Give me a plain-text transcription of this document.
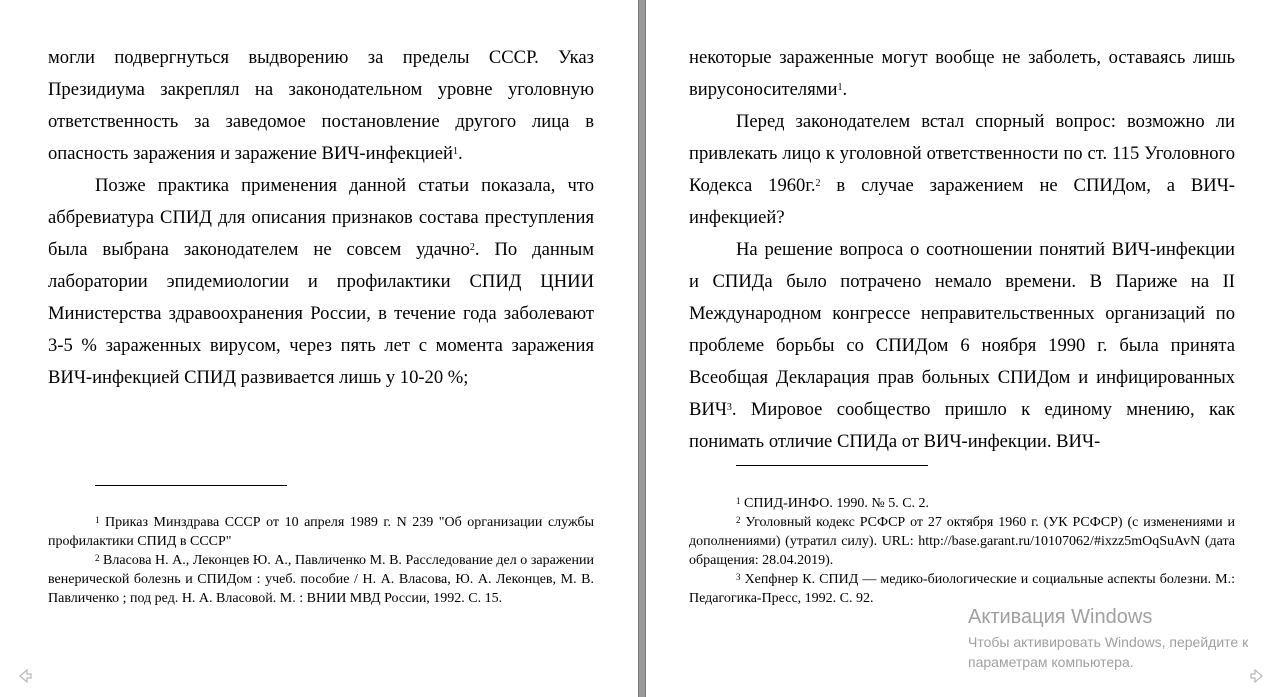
могли подвергнуться выдворению за пределы СССР. Указ Президиума закреплял на законодательном уровне уголовную ответственность за заведомое постановление другого лица в опасность заражения и заражение ВИЧ-инфекцией$^1$.

Позже практика применения данной статьи показала, что аббревиатура СПИД для описания признаков состава преступления была выбрана законодателем не совсем удачно$^2$. По данным лаборатории эпидемиологии и профилактики СПИД ЦНИИ Министерства здравоохранения России, в течение года заболевают 3-5 % зараженных вирусом, через пять лет с момента заражения ВИЧ-инфекцией СПИД развивается лишь у 10-20 %;

$^1$ Приказ Минздрава СССР от 10 апреля 1989 г. N 239 "Об организации службы профилактики СПИД в СССР"

$^2$ Власова Н. А., Леконцев Ю. А., Павличенко М. В. Расследование дел о заражении венерической болезнь и СПИДом : учеб. пособие / Н. А. Власова, Ю. А. Леконцев, М. В. Павличенко ; под ред. Н. А. Власовой. М. : ВНИИ МВД России, 1992. С. 15.

некоторые зараженные могут вообще не заболеть, оставаясь лишь вирусоносителями$^1$.

Перед законодателем встал спорный вопрос: возможно ли привлекать лицо к уголовной ответственности по ст. 115 Уголовного Кодекса 1960г.$^2$ в случае заражением не СПИДом, а ВИЧ-инфекцией?

На решение вопроса о соотношении понятий ВИЧ-инфекции и СПИДа было потрачено немало времени. В Париже на II Международном конгрессе неправительственных организаций по проблеме борьбы со СПИДом 6 ноября 1990 г. была принята Всеобщая Декларация прав больных СПИДом и инфицированных ВИЧ$^3$. Мировое сообщество пришло к единому мнению, как понимать отличие СПИДа от ВИЧ-инфекции. ВИЧ-

$^1$ СПИД-ИНФО. 1990. № 5. С. 2.

$^2$ Уголовный кодекс РСФСР от 27 октября 1960 г. (УК РСФСР) (с изменениями и дополнениями) (утратил силу). URL: http://base.garant.ru/10107062/#ixzz5mOqSuAvN (дата обращения: 28.04.2019).

$^3$ Хепфнер К. СПИД — медико-биологические и социальные аспекты болезни. М.: Педагогика-Пресс, 1992. С. 92.

Активация Windows
Чтобы активировать Windows, перейдите к
параметрам компьютера.
